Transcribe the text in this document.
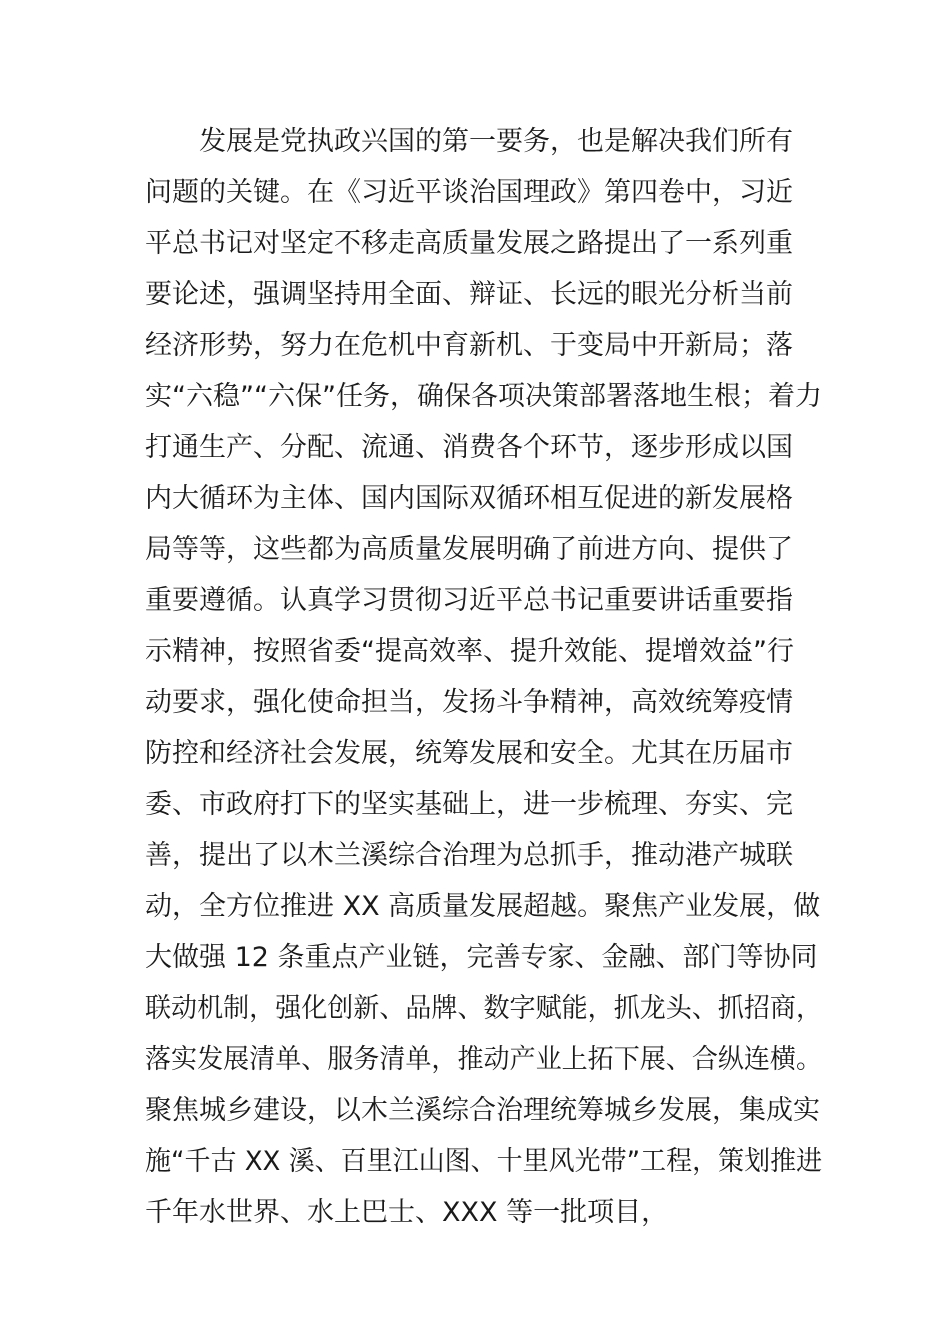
发展是党执政兴国的第一要务，也是解决我们所有
问题的关键。在《习近平谈治国理政》第四卷中，习近
平总书记对坚定不移走高质量发展之路提出了一系列重
要论述，强调坚持用全面、辩证、长远的眼光分析当前
经济形势，努力在危机中育新机、于变局中开新局；落
实“六稳”“六保”任务，确保各项决策部署落地生根；着力
打通生产、分配、流通、消费各个环节，逐步形成以国
内大循环为主体、国内国际双循环相互促进的新发展格
局等等，这些都为高质量发展明确了前进方向、提供了
重要遵循。认真学习贯彻习近平总书记重要讲话重要指
示精神，按照省委“提高效率、提升效能、提增效益”行
动要求，强化使命担当，发扬斗争精神，高效统筹疫情
防控和经济社会发展，统筹发展和安全。尤其在历届市
委、市政府打下的坚实基础上，进一步梳理、夯实、完
善，提出了以木兰溪综合治理为总抓手，推动港产城联
动，全方位推进 XX 高质量发展超越。聚焦产业发展，做
大做强 12 条重点产业链，完善专家、金融、部门等协同
联动机制，强化创新、品牌、数字赋能，抓龙头、抓招商，
落实发展清单、服务清单，推动产业上拓下展、合纵连横。
聚焦城乡建设，以木兰溪综合治理统筹城乡发展，集成实
施“千古 XX 溪、百里江山图、十里风光带”工程，策划推进
千年水世界、水上巴士、XXX 等一批项目，
